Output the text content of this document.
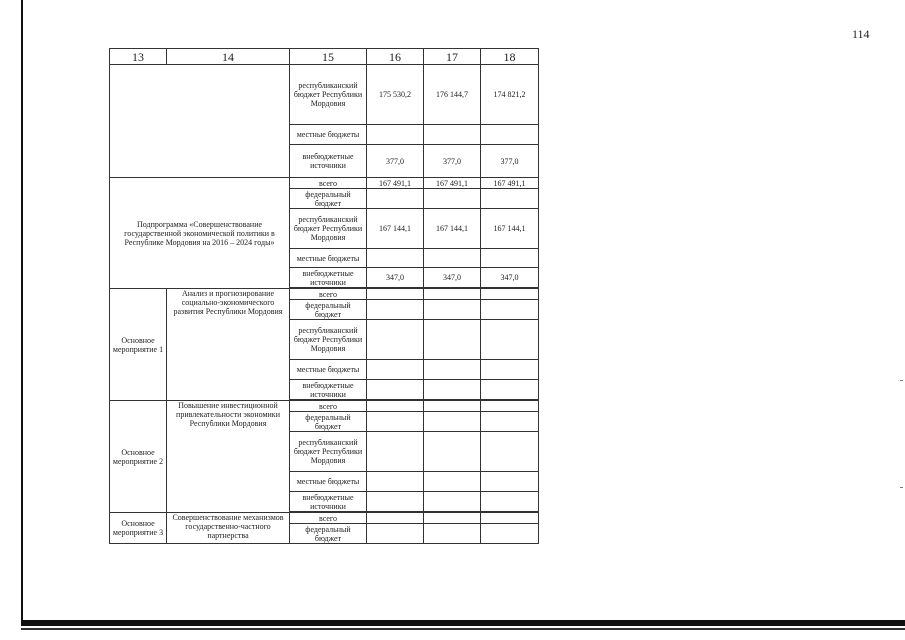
114
13	14	15	16	17	18
		республиканский бюджет Республики Мордовия	175 530,2	176 144,7	174 821,2
		местные бюджеты			
		внебюджетные источники	377,0	377,0	377,0
Подпрограмма «Совершенствование государственной экономической политики в Республике Мордовия на 2016 – 2024 годы»		всего	167 491,1	167 491,1	167 491,1
		федеральный бюджет			
		республиканский бюджет Республики Мордовия	167 144,1	167 144,1	167 144,1
		местные бюджеты			
		внебюджетные источники	347,0	347,0	347,0

Основное мероприятие 1	Анализ и прогнозирование социально-экономического развития Республики Мордовия	всего			
		федеральный бюджет			
		республиканский бюджет Республики Мордовия			
		местные бюджеты			
		внебюджетные источники			

Основное мероприятие 2	Повышение инвестиционной привлекательности экономики Республики Мордовия	всего			
		федеральный бюджет			
		республиканский бюджет Республики Мордовия			
		местные бюджеты			
		внебюджетные источники			

Основное мероприятие 3	Совершенствование механизмов государственно-частного партнерства	всего			
		федеральный бюджет			
